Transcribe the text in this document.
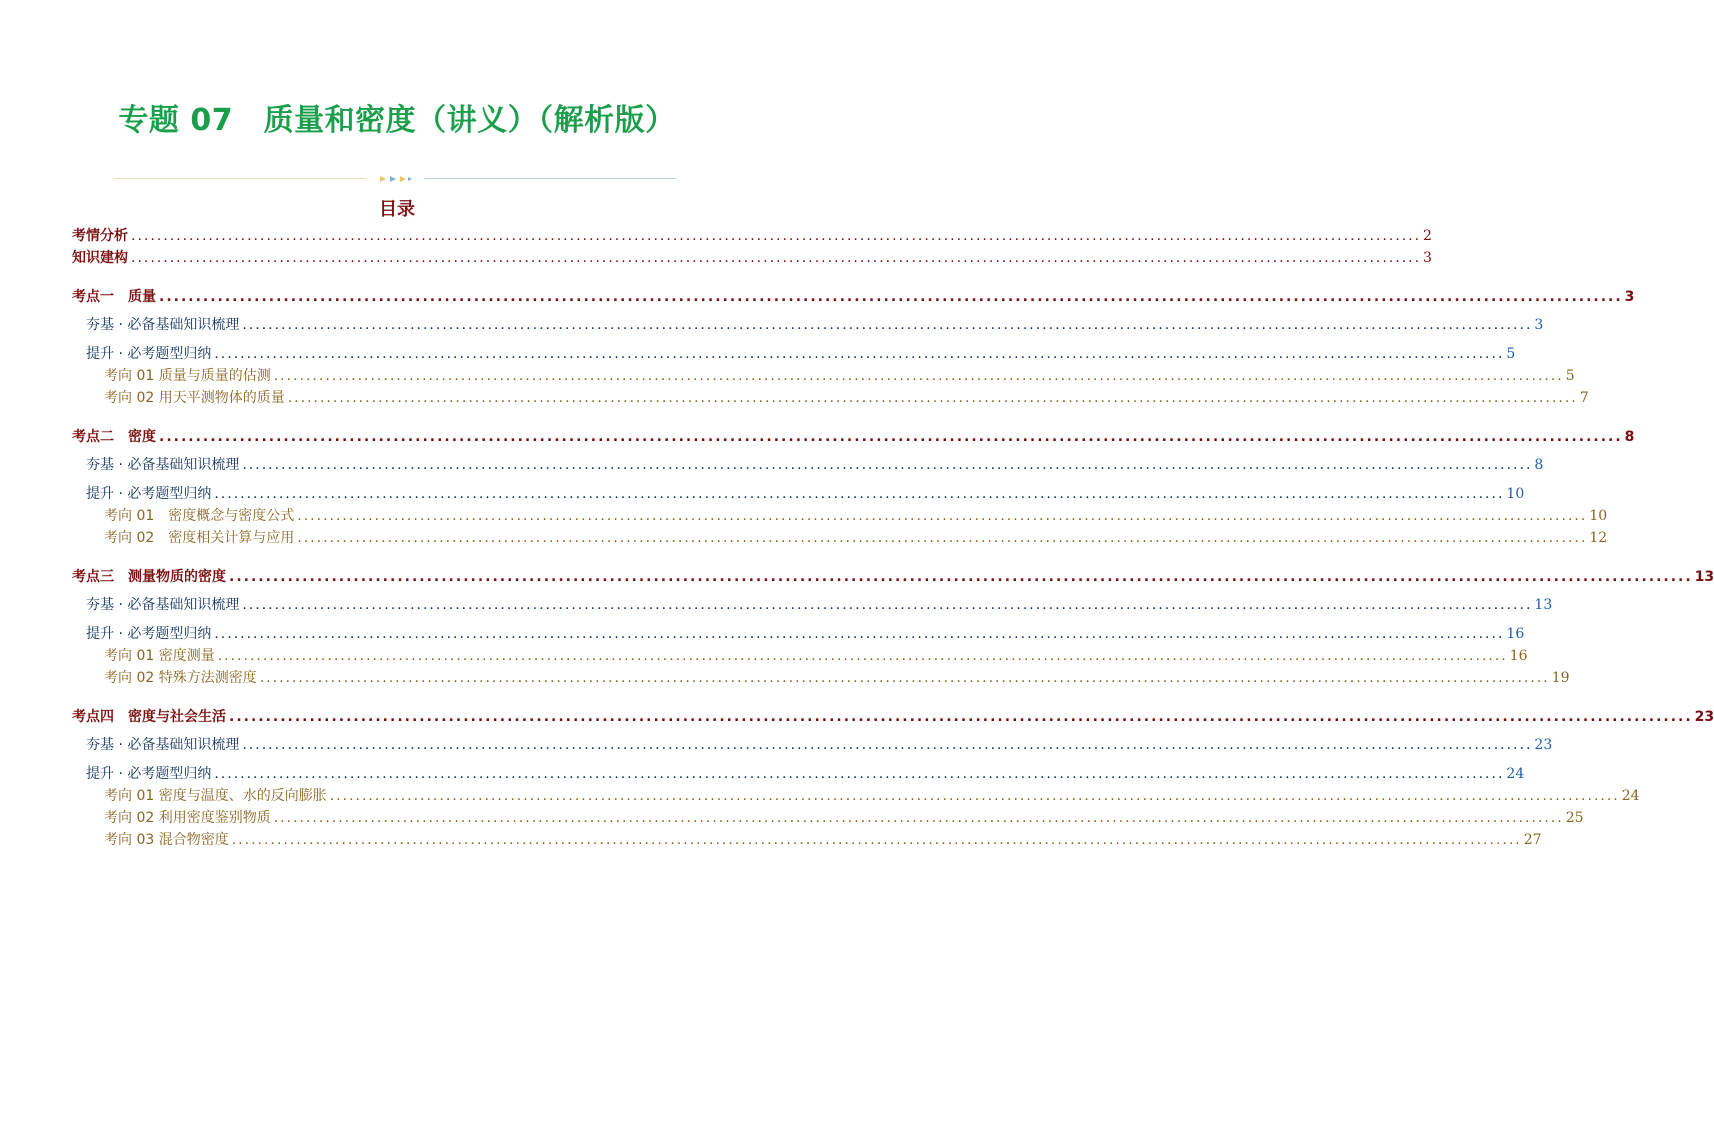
专题 07　质量和密度（讲义）（解析版）
目录
考情分析 ........................................................................................................................................................................................................ 2
知识建构 ........................................................................................................................................................................................................ 3
考点一　质量 ........................................................................................................................................................................................................ 3
夯基 · 必备基础知识梳理 ........................................................................................................................................................................................................ 3
提升 · 必考题型归纳 ........................................................................................................................................................................................................ 5
考向 01 质量与质量的估测 ........................................................................................................................................................................................................ 5
考向 02 用天平测物体的质量 ........................................................................................................................................................................................................ 7
考点二　密度 ........................................................................................................................................................................................................ 8
夯基 · 必备基础知识梳理 ........................................................................................................................................................................................................ 8
提升 · 必考题型归纳 ........................................................................................................................................................................................................ 10
考向 01　密度概念与密度公式 ........................................................................................................................................................................................................ 10
考向 02　密度相关计算与应用 ........................................................................................................................................................................................................ 12
考点三　测量物质的密度 ........................................................................................................................................................................................................ 13
夯基 · 必备基础知识梳理 ........................................................................................................................................................................................................ 13
提升 · 必考题型归纳 ........................................................................................................................................................................................................ 16
考向 01 密度测量 ........................................................................................................................................................................................................ 16
考向 02 特殊方法测密度 ........................................................................................................................................................................................................ 19
考点四　密度与社会生活 ........................................................................................................................................................................................................ 23
夯基 · 必备基础知识梳理 ........................................................................................................................................................................................................ 23
提升 · 必考题型归纳 ........................................................................................................................................................................................................ 24
考向 01 密度与温度、水的反向膨胀 ........................................................................................................................................................................................................ 24
考向 02 利用密度鉴别物质 ........................................................................................................................................................................................................ 25
考向 03 混合物密度 ........................................................................................................................................................................................................ 27
